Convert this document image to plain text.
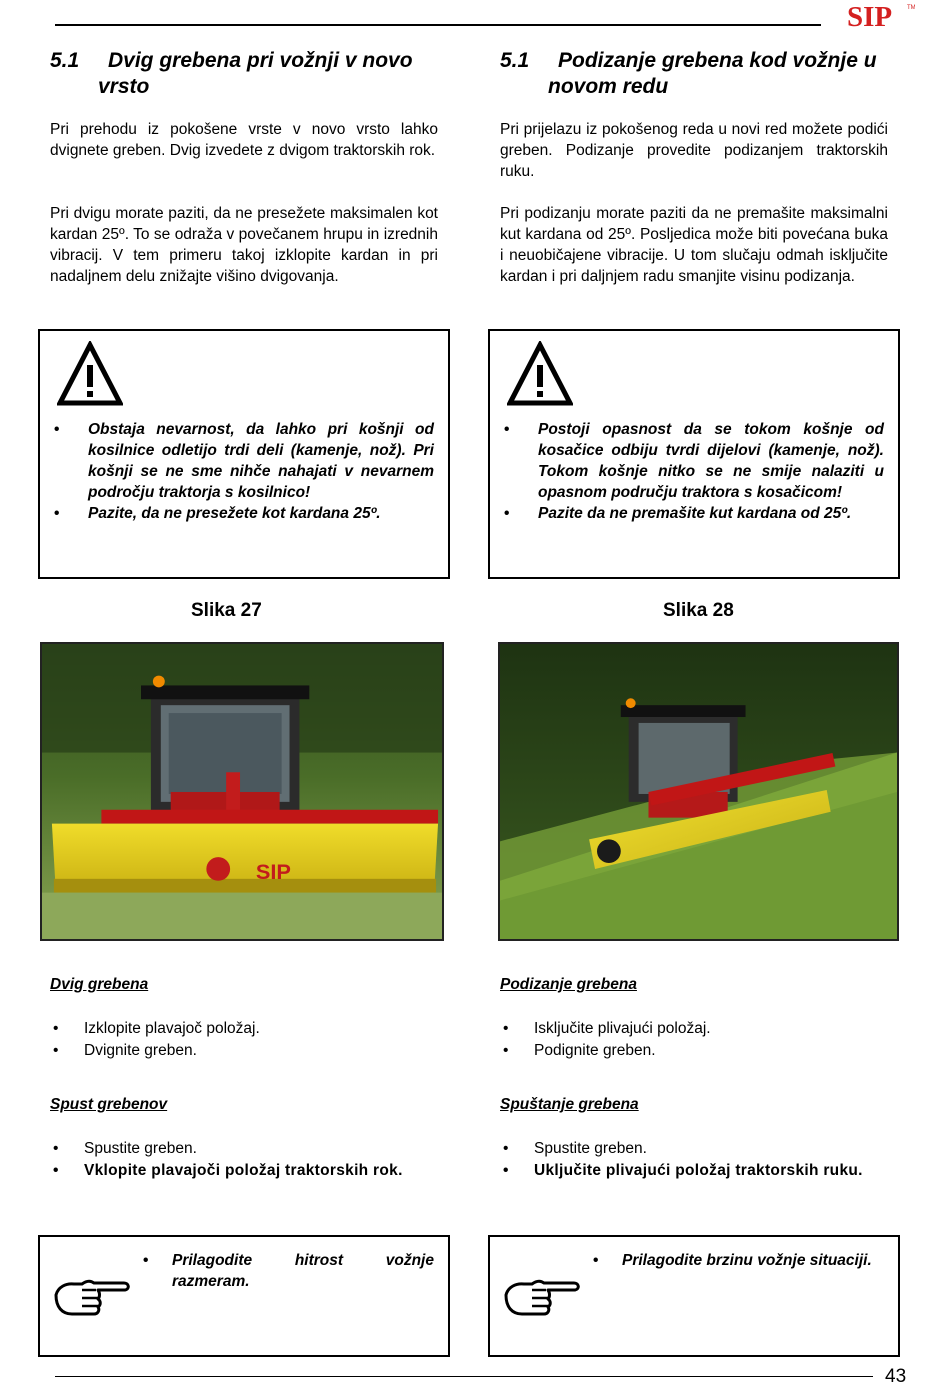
SIP TM
5.1 Dvig grebena pri vožnji v novo
vrsto
5.1 Podizanje grebena kod vožnje u
novom redu

Pri prehodu iz pokošene vrste v novo vrsto lahko dvignete greben. Dvig izvedete z dvigom traktorskih rok.

Pri dvigu morate paziti, da ne presežete maksimalen kot kardan 25º. To se odraža v povečanem hrupu in izrednih vibracij. V tem primeru takoj izklopite kardan in pri nadaljnem delu znižajte višino dvigovanja.

Pri prijelazu iz pokošenog reda u novi red možete podići greben. Podizanje provedite podizanjem traktorskih ruku.

Pri podizanju morate paziti da ne premašite maksimalni kut kardana od 25º. Posljedica može biti povećana buka i neuobičajene vibracije. U tom slučaju odmah isključite kardan i pri daljnjem radu smanjite visinu podizanja.

• Obstaja nevarnost, da lahko pri košnji od kosilnice odletijo trdi deli (kamenje, nož). Pri košnji se ne sme nihče nahajati v nevarnem področju traktorja s kosilnico!
• Pazite, da ne presežete kot kardana 25º.
• Postoji opasnost da se tokom košnje od kosačice odbiju tvrdi dijelovi (kamenje, nož). Tokom košnje nitko se ne smije nalaziti u opasnom području traktora s kosačicom!
• Pazite da ne premašite kut kardana od 25º.
Slika 27	Slika 28
SIP
Dvig grebena
• Izklopite plavajoč položaj.
• Dvignite greben.
Spust grebenov
• Spustite greben.
• Vklopite plavajoči položaj traktorskih rok.
Podizanje grebena
• Isključite plivajući položaj.
• Podignite greben.
Spuštanje grebena
• Spustite greben.
• Uključite plivajući položaj traktorskih ruku.
• Prilagodite hitrost vožnje razmeram.
• Prilagodite brzinu vožnje situaciji.
43
